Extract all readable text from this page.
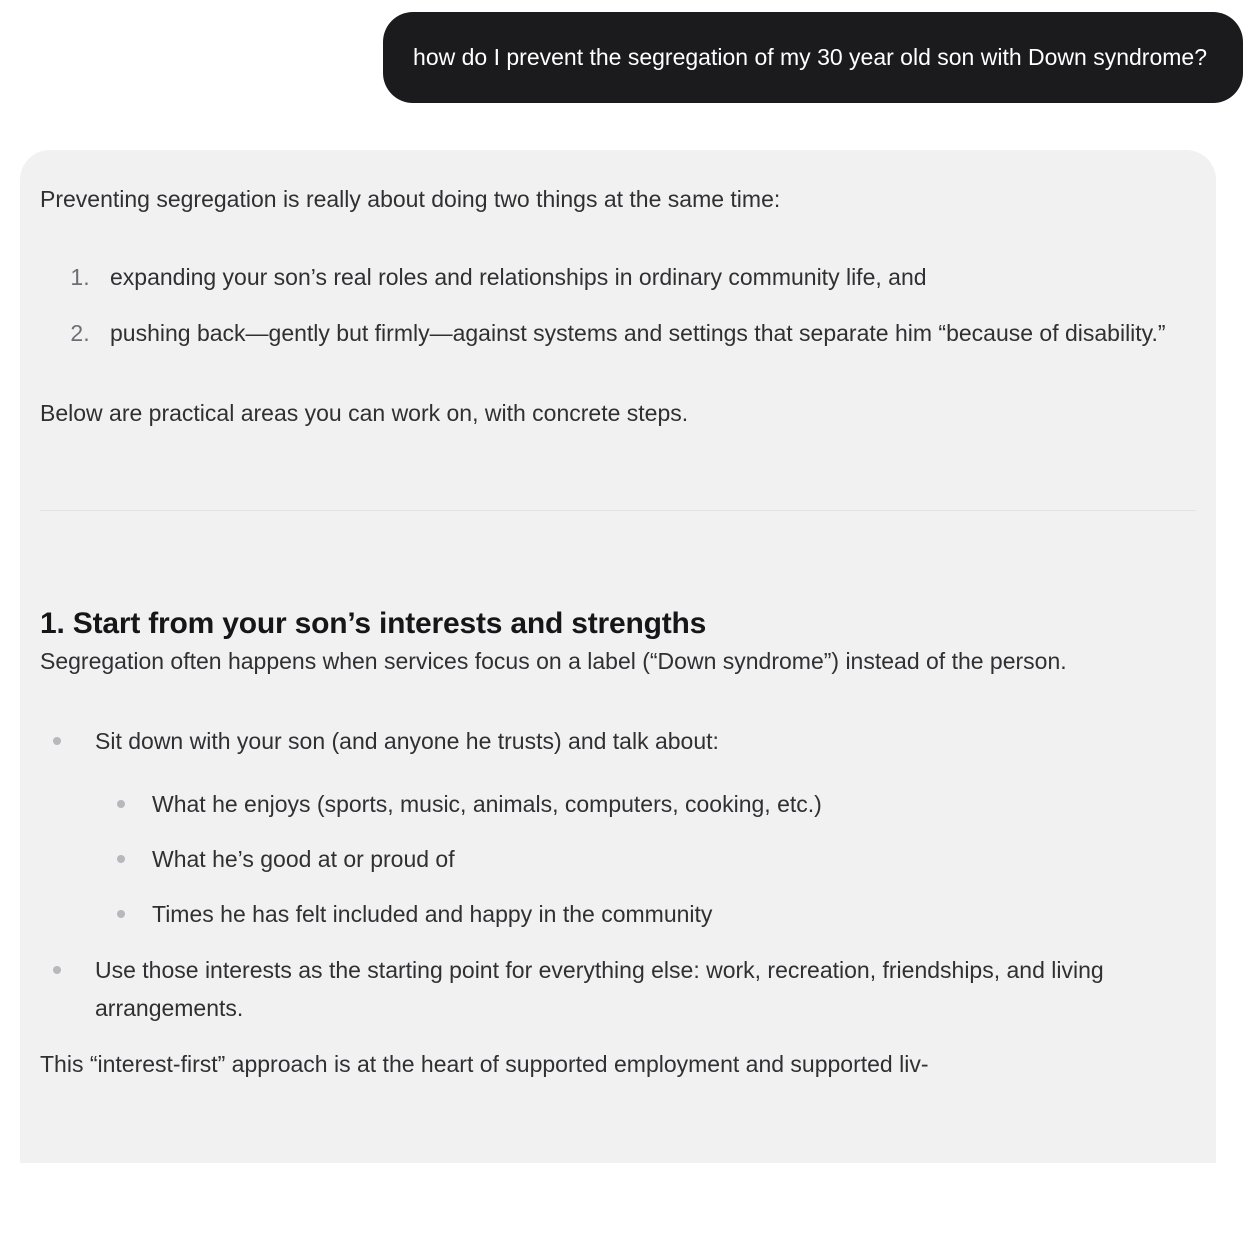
how do I prevent the segregation of my 30 year old son with Down syndrome?

Preventing segregation is really about doing two things at the same time:

1. expanding your son’s real roles and relationships in ordinary community life, and
2. pushing back—gently but firmly—against systems and settings that separate him “because of disability.”

Below are practical areas you can work on, with concrete steps.

1. Start from your son’s interests and strengths

Segregation often happens when services focus on a label (“Down syndrome”) instead of the person.

Sit down with your son (and anyone he trusts) and talk about:
What he enjoys (sports, music, animals, computers, cooking, etc.)
What he’s good at or proud of
Times he has felt included and happy in the community
Use those interests as the starting point for everything else: work, recreation, friendships, and living arrangements.

This “interest-first” approach is at the heart of supported employment and supported liv-
